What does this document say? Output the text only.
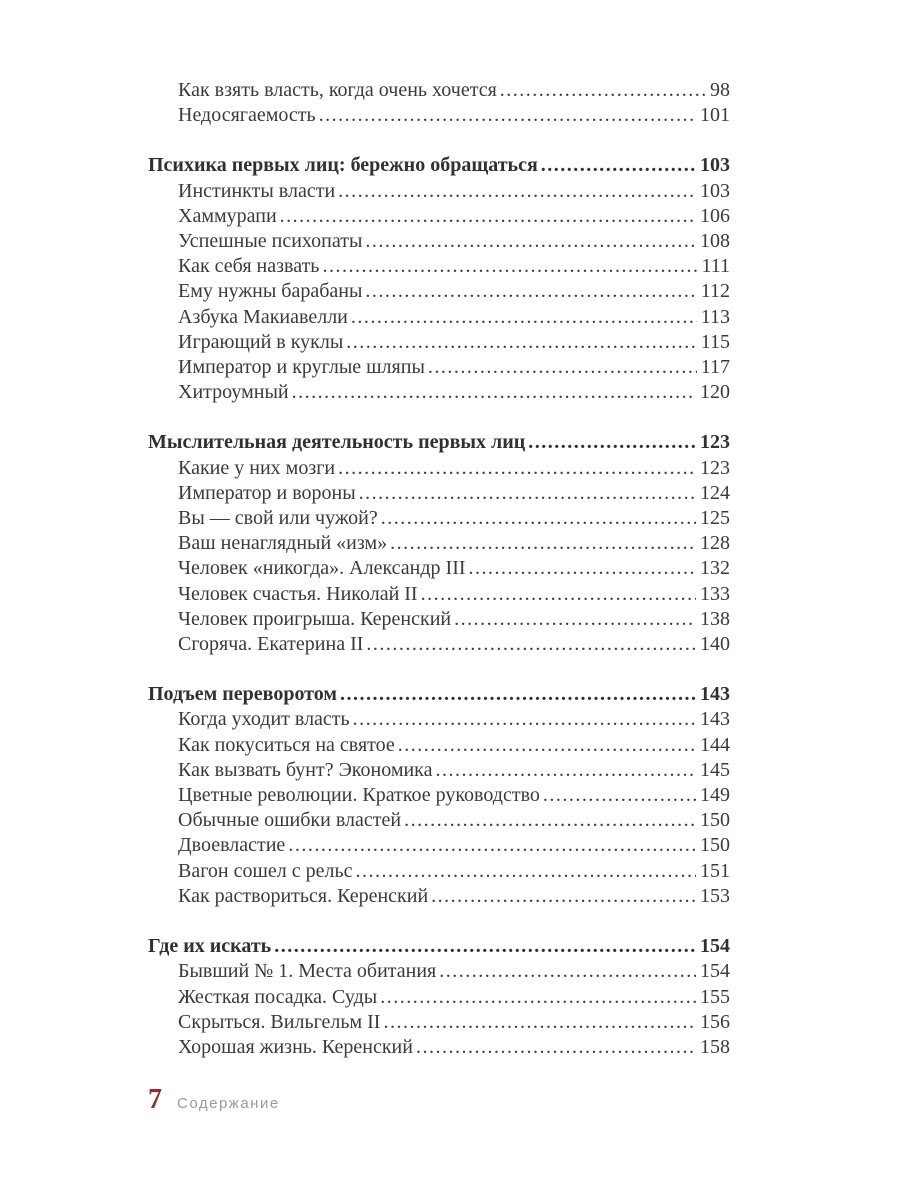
Как взять власть, когда очень хочется .....	98
Недосягаемость .....	101
Психика первых лиц: бережно обращаться .....	103
Инстинкты власти .....	103
Хаммурапи .....	106
Успешные психопаты .....	108
Как себя назвать .....	111
Ему нужны барабаны .....	112
Азбука Макиавелли .....	113
Играющий в куклы .....	115
Император и круглые шляпы .....	117
Хитроумный .....	120
Мыслительная деятельность первых лиц .....	123
Какие у них мозги .....	123
Император и вороны .....	124
Вы — свой или чужой? .....	125
Ваш ненаглядный «изм» .....	128
Человек «никогда». Александр III .....	132
Человек счастья. Николай II .....	133
Человек проигрыша. Керенский .....	138
Сгоряча. Екатерина II .....	140
Подъем переворотом .....	143
Когда уходит власть .....	143
Как покуситься на святое .....	144
Как вызвать бунт? Экономика .....	145
Цветные революции. Краткое руководство .....	149
Обычные ошибки властей .....	150
Двоевластие .....	150
Вагон сошел с рельс .....	151
Как раствориться. Керенский .....	153
Где их искать .....	154
Бывший № 1. Места обитания .....	154
Жесткая посадка. Суды .....	155
Скрыться. Вильгельм II .....	156
Хорошая жизнь. Керенский .....	158
7 Содержание
